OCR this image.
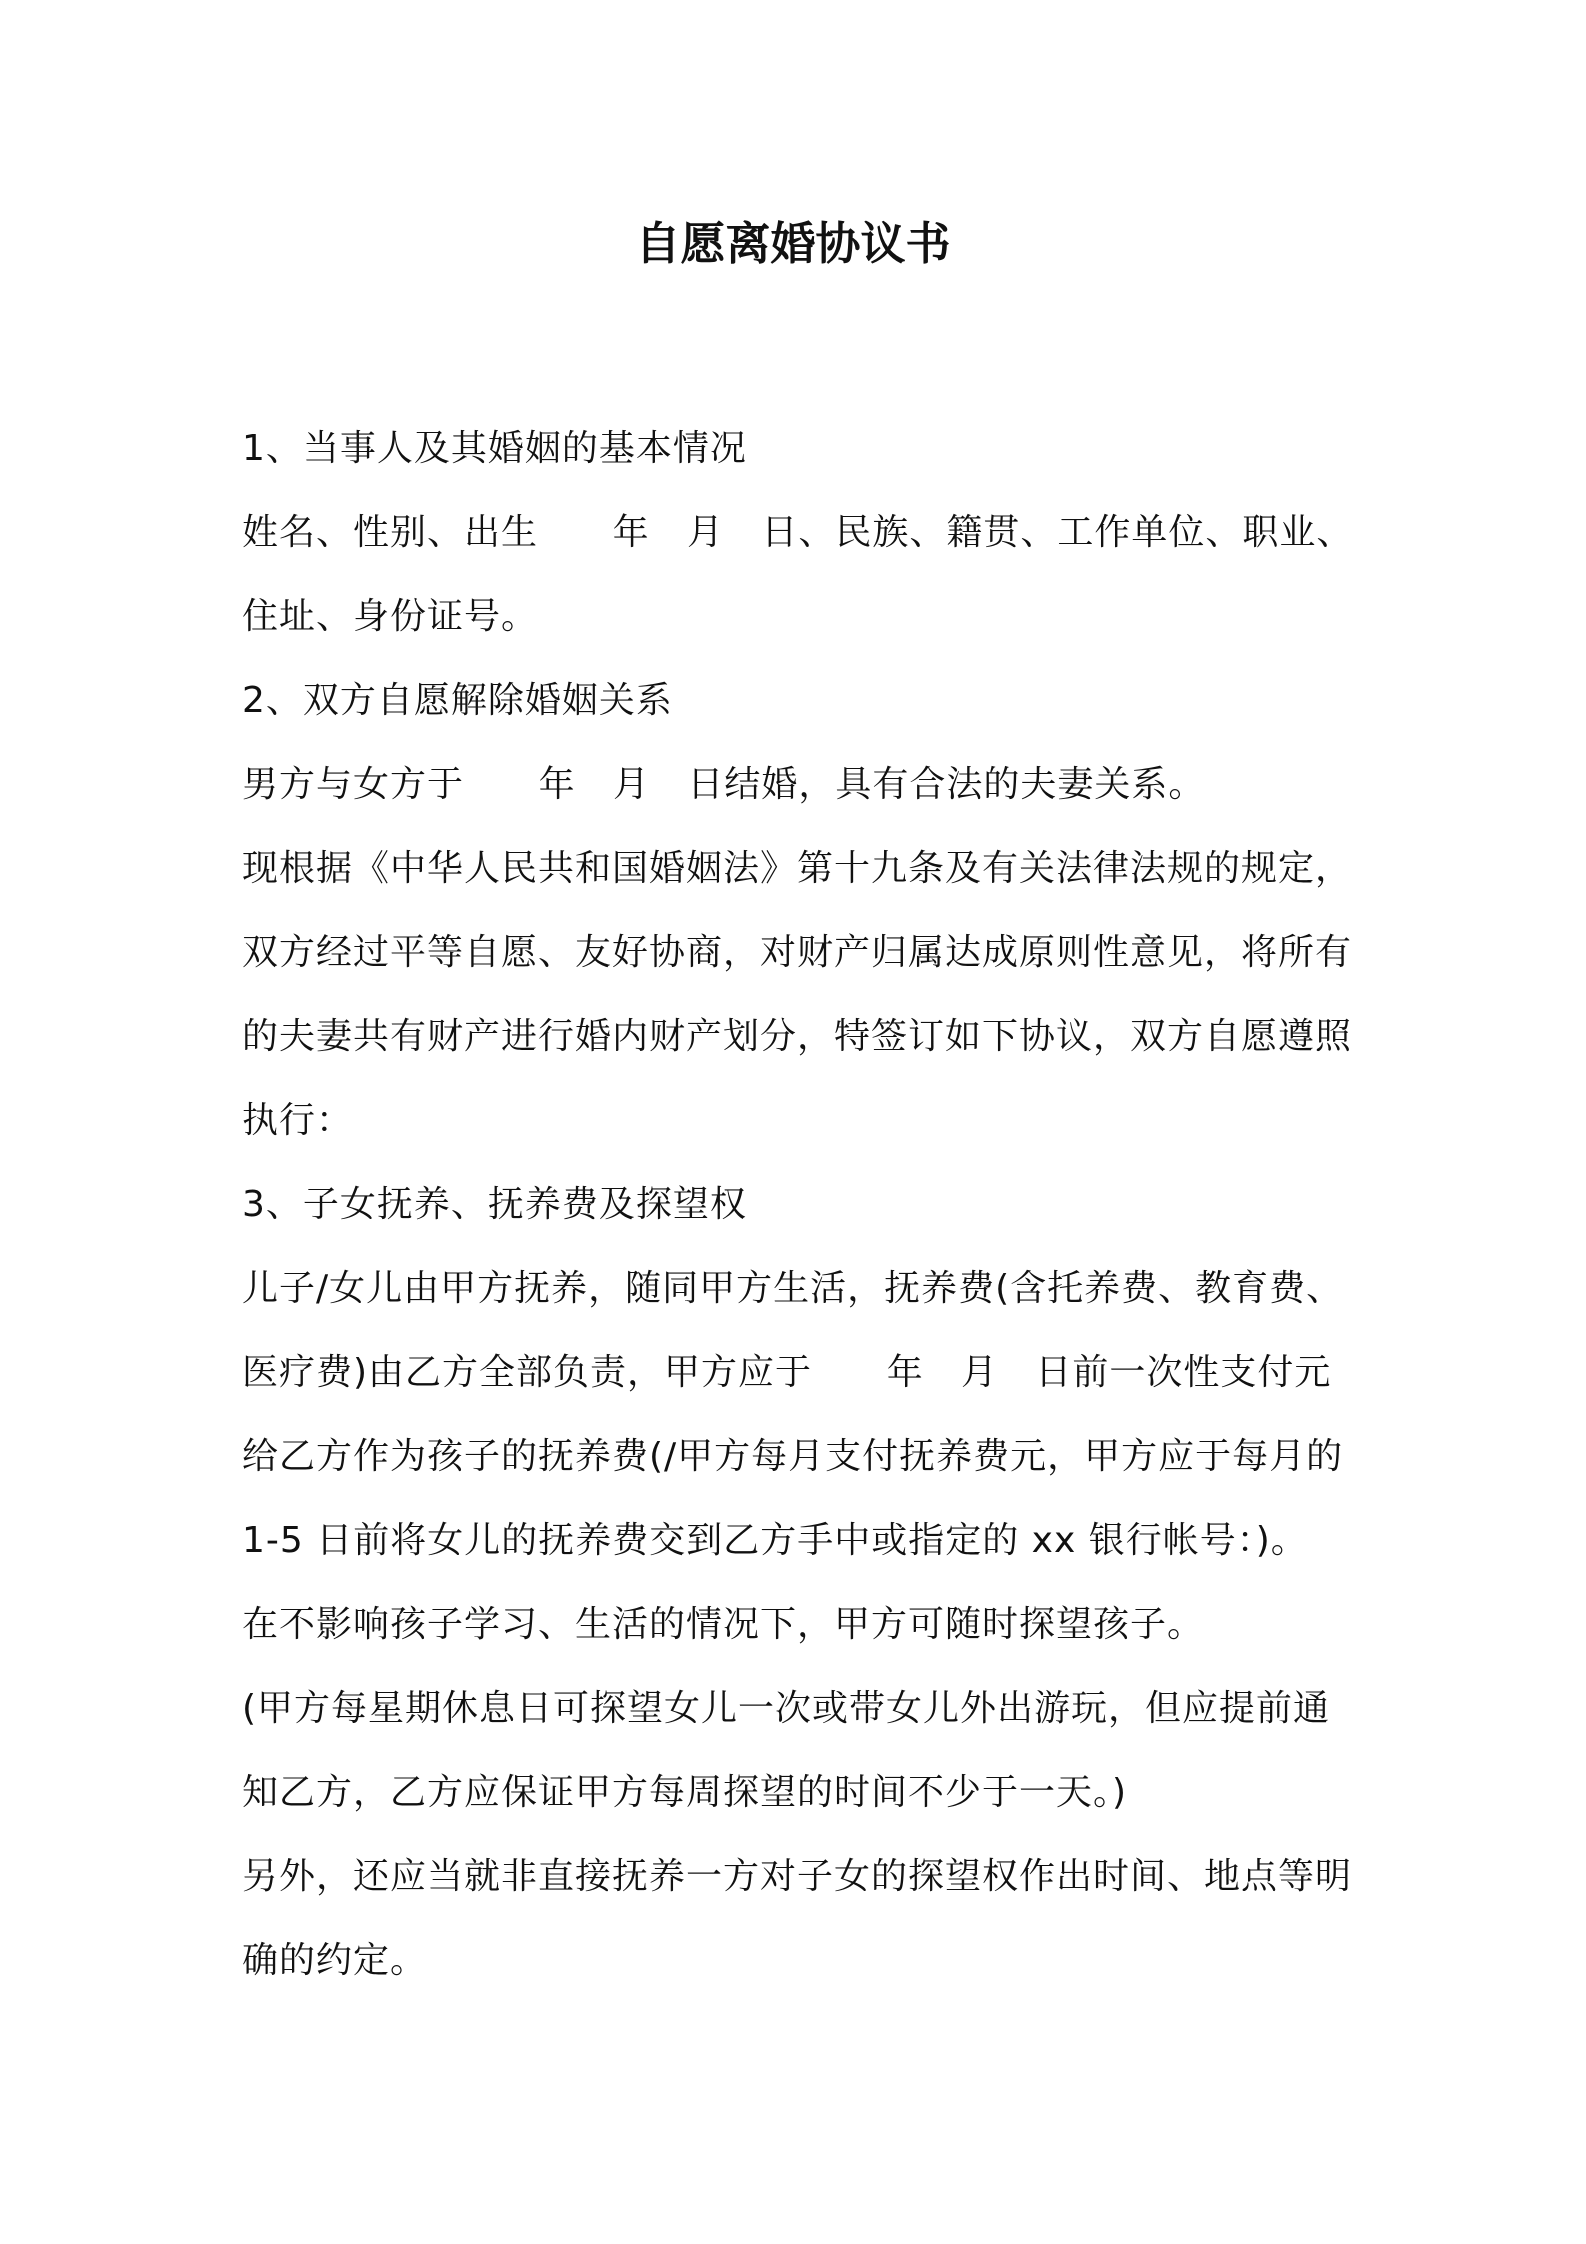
自愿离婚协议书

1、当事人及其婚姻的基本情况

姓名、性别、出生      年   月   日、民族、籍贯、工作单位、职业、

住址、身份证号。

2、双方自愿解除婚姻关系

男方与女方于      年   月   日结婚，具有合法的夫妻关系。

现根据《中华人民共和国婚姻法》第十九条及有关法律法规的规定，

双方经过平等自愿、友好协商，对财产归属达成原则性意见，将所有

的夫妻共有财产进行婚内财产划分，特签订如下协议，双方自愿遵照

执行：

3、子女抚养、抚养费及探望权

儿子/女儿由甲方抚养，随同甲方生活，抚养费(含托养费、教育费、

医疗费)由乙方全部负责，甲方应于      年   月   日前一次性支付元

给乙方作为孩子的抚养费(/甲方每月支付抚养费元，甲方应于每月的

1-5 日前将女儿的抚养费交到乙方手中或指定的 xx 银行帐号：)。

在不影响孩子学习、生活的情况下，甲方可随时探望孩子。

(甲方每星期休息日可探望女儿一次或带女儿外出游玩，但应提前通

知乙方，乙方应保证甲方每周探望的时间不少于一天。)

另外，还应当就非直接抚养一方对子女的探望权作出时间、地点等明

确的约定。
